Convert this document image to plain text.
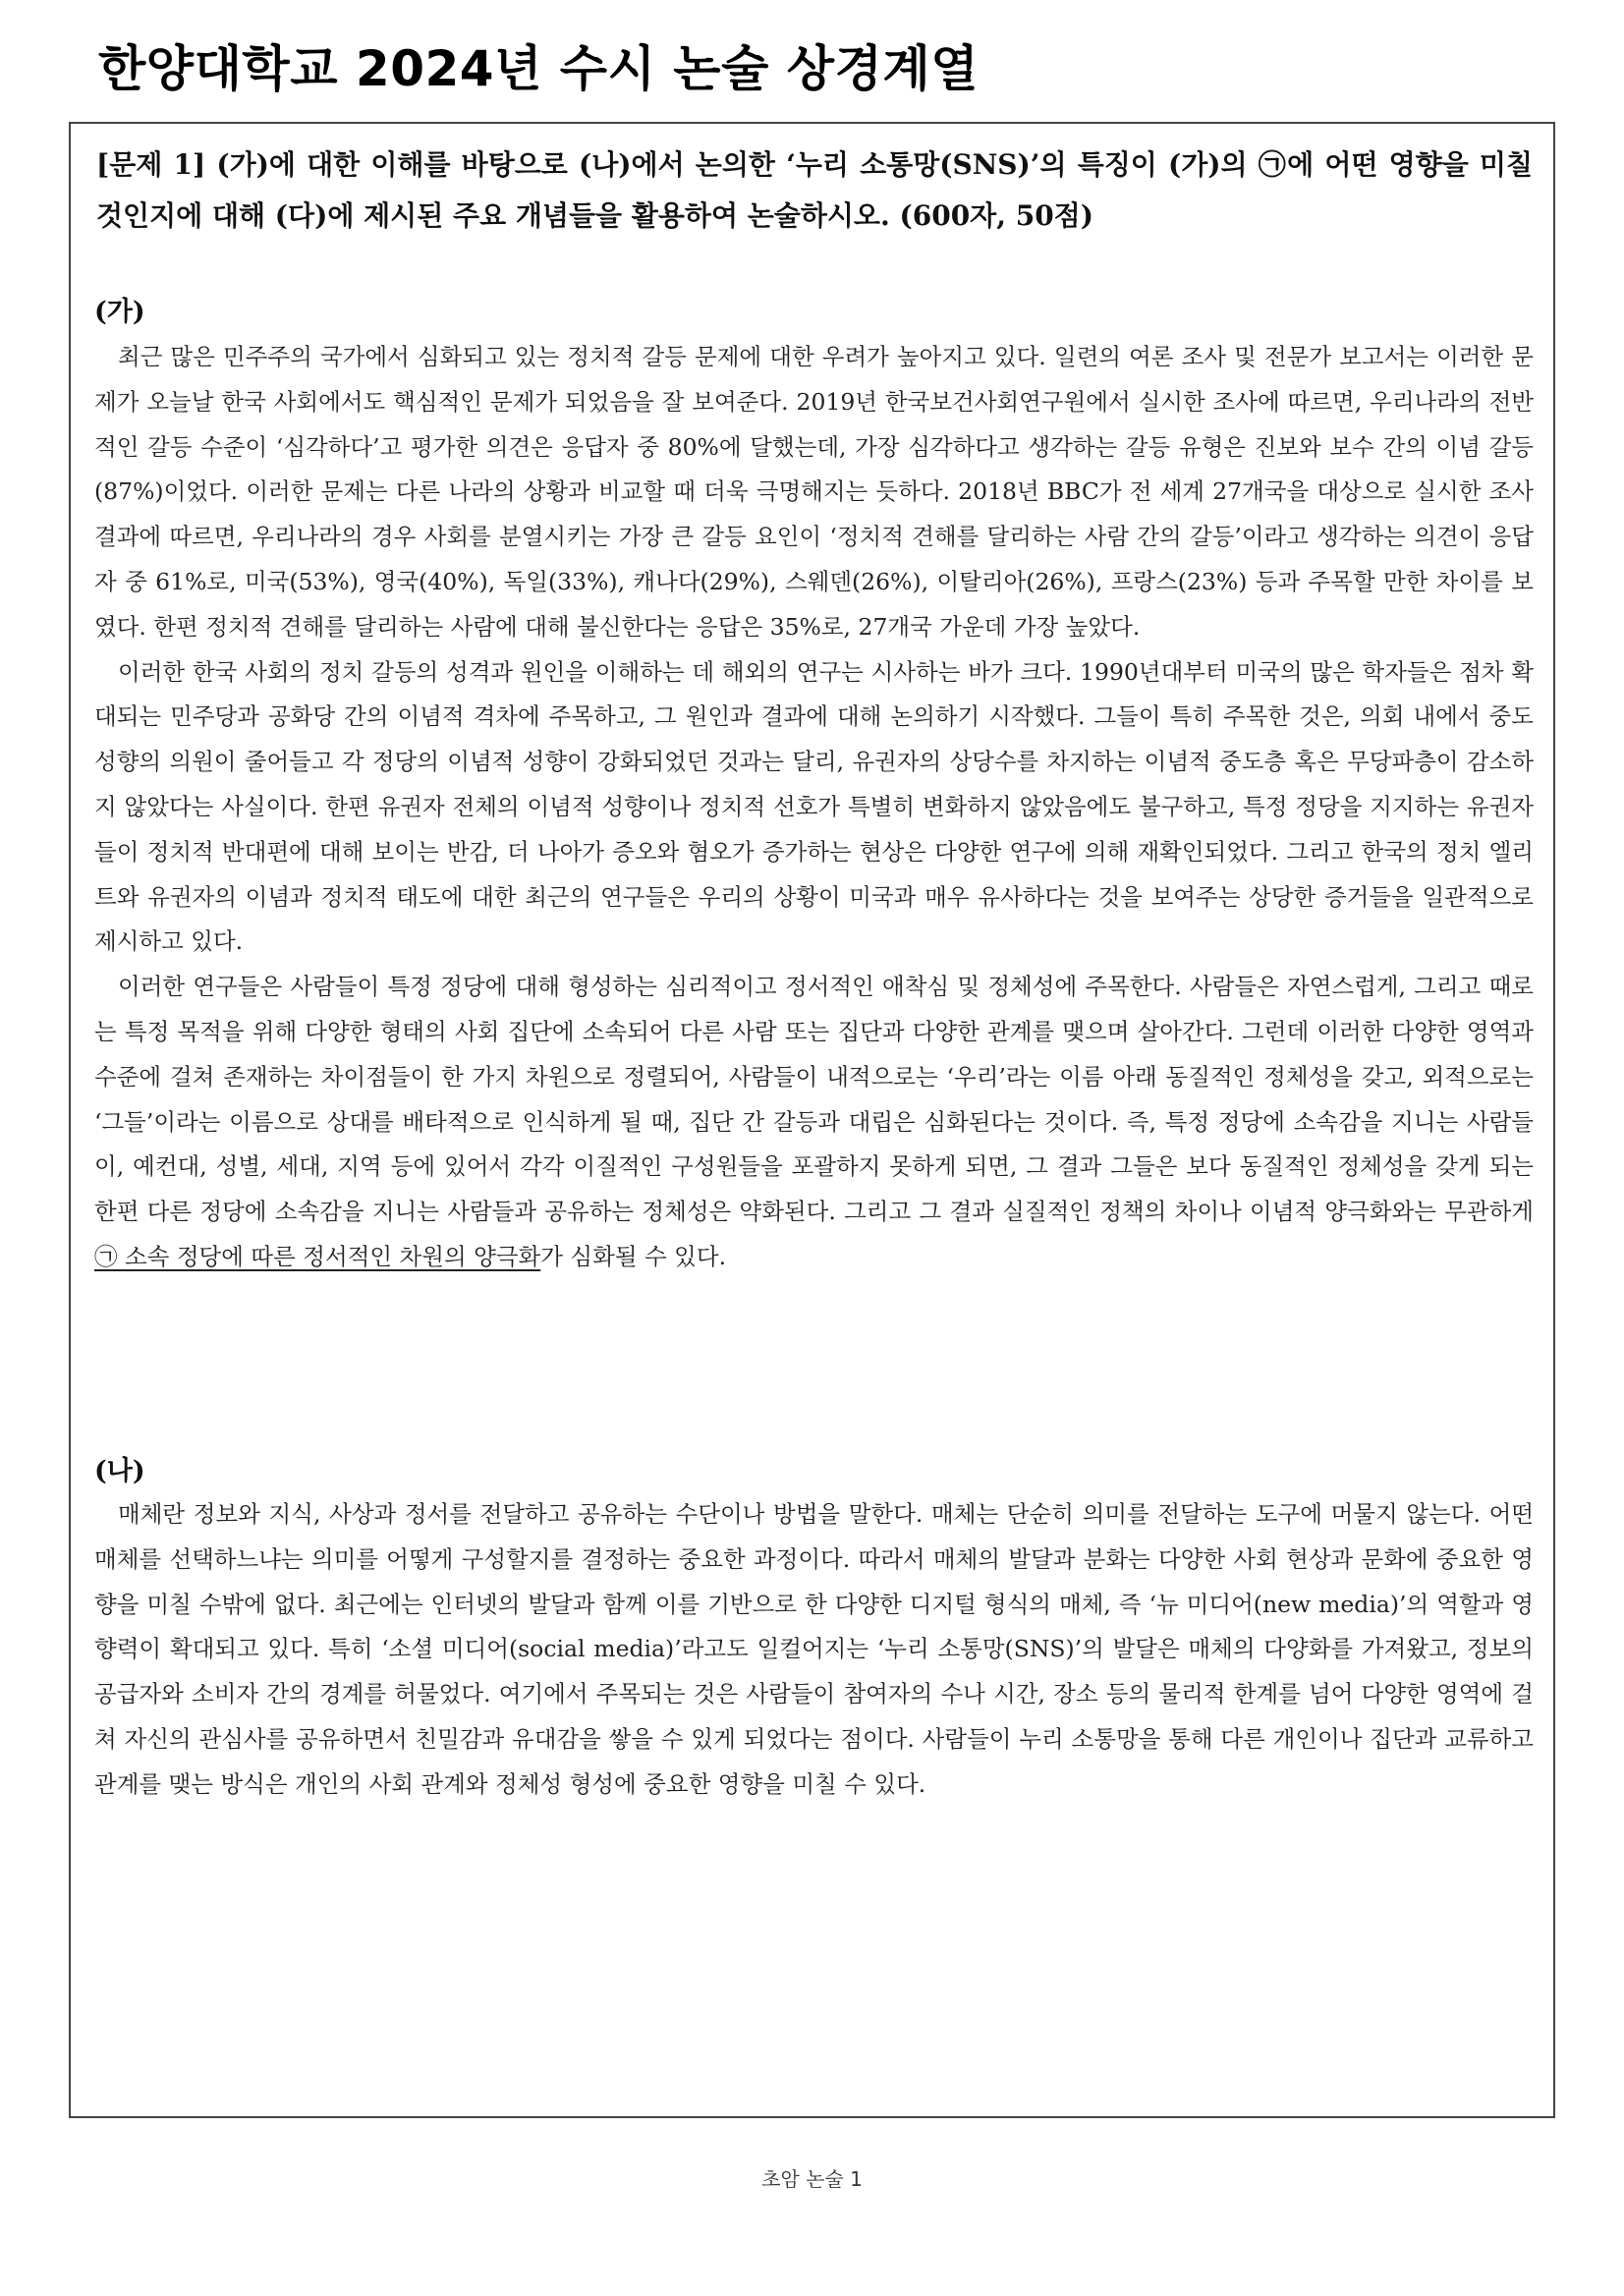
한양대학교 2024년 수시 논술 상경계열

[문제 1] (가)에 대한 이해를 바탕으로 (나)에서 논의한 ‘누리 소통망(SNS)’의 특징이 (가)의 ㉠에 어떤 영향을 미칠 것인지에 대해 (다)에 제시된 주요 개념들을 활용하여 논술하시오. (600자, 50점)

(가)

최근 많은 민주주의 국가에서 심화되고 있는 정치적 갈등 문제에 대한 우려가 높아지고 있다. 일련의 여론 조사 및 전문가 보고서는 이러한 문제가 오늘날 한국 사회에서도 핵심적인 문제가 되었음을 잘 보여준다. 2019년 한국보건사회연구원에서 실시한 조사에 따르면, 우리나라의 전반적인 갈등 수준이 ‘심각하다’고 평가한 의견은 응답자 중 80%에 달했는데, 가장 심각하다고 생각하는 갈등 유형은 진보와 보수 간의 이념 갈등(87%)이었다. 이러한 문제는 다른 나라의 상황과 비교할 때 더욱 극명해지는 듯하다. 2018년 BBC가 전 세계 27개국을 대상으로 실시한 조사 결과에 따르면, 우리나라의 경우 사회를 분열시키는 가장 큰 갈등 요인이 ‘정치적 견해를 달리하는 사람 간의 갈등’이라고 생각하는 의견이 응답자 중 61%로, 미국(53%), 영국(40%), 독일(33%), 캐나다(29%), 스웨덴(26%), 이탈리아(26%), 프랑스(23%) 등과 주목할 만한 차이를 보였다. 한편 정치적 견해를 달리하는 사람에 대해 불신한다는 응답은 35%로, 27개국 가운데 가장 높았다.

이러한 한국 사회의 정치 갈등의 성격과 원인을 이해하는 데 해외의 연구는 시사하는 바가 크다. 1990년대부터 미국의 많은 학자들은 점차 확대되는 민주당과 공화당 간의 이념적 격차에 주목하고, 그 원인과 결과에 대해 논의하기 시작했다. 그들이 특히 주목한 것은, 의회 내에서 중도 성향의 의원이 줄어들고 각 정당의 이념적 성향이 강화되었던 것과는 달리, 유권자의 상당수를 차지하는 이념적 중도층 혹은 무당파층이 감소하지 않았다는 사실이다. 한편 유권자 전체의 이념적 성향이나 정치적 선호가 특별히 변화하지 않았음에도 불구하고, 특정 정당을 지지하는 유권자들이 정치적 반대편에 대해 보이는 반감, 더 나아가 증오와 혐오가 증가하는 현상은 다양한 연구에 의해 재확인되었다. 그리고 한국의 정치 엘리트와 유권자의 이념과 정치적 태도에 대한 최근의 연구들은 우리의 상황이 미국과 매우 유사하다는 것을 보여주는 상당한 증거들을 일관적으로 제시하고 있다.

이러한 연구들은 사람들이 특정 정당에 대해 형성하는 심리적이고 정서적인 애착심 및 정체성에 주목한다. 사람들은 자연스럽게, 그리고 때로는 특정 목적을 위해 다양한 형태의 사회 집단에 소속되어 다른 사람 또는 집단과 다양한 관계를 맺으며 살아간다. 그런데 이러한 다양한 영역과 수준에 걸쳐 존재하는 차이점들이 한 가지 차원으로 정렬되어, 사람들이 내적으로는 ‘우리’라는 이름 아래 동질적인 정체성을 갖고, 외적으로는 ‘그들’이라는 이름으로 상대를 배타적으로 인식하게 될 때, 집단 간 갈등과 대립은 심화된다는 것이다. 즉, 특정 정당에 소속감을 지니는 사람들이, 예컨대, 성별, 세대, 지역 등에 있어서 각각 이질적인 구성원들을 포괄하지 못하게 되면, 그 결과 그들은 보다 동질적인 정체성을 갖게 되는 한편 다른 정당에 소속감을 지니는 사람들과 공유하는 정체성은 약화된다. 그리고 그 결과 실질적인 정책의 차이나 이념적 양극화와는 무관하게 ㉠ 소속 정당에 따른 정서적인 차원의 양극화가 심화될 수 있다.

(나)

매체란 정보와 지식, 사상과 정서를 전달하고 공유하는 수단이나 방법을 말한다. 매체는 단순히 의미를 전달하는 도구에 머물지 않는다. 어떤 매체를 선택하느냐는 의미를 어떻게 구성할지를 결정하는 중요한 과정이다. 따라서 매체의 발달과 분화는 다양한 사회 현상과 문화에 중요한 영향을 미칠 수밖에 없다. 최근에는 인터넷의 발달과 함께 이를 기반으로 한 다양한 디지털 형식의 매체, 즉 ‘뉴 미디어(new media)’의 역할과 영향력이 확대되고 있다. 특히 ‘소셜 미디어(social media)’라고도 일컬어지는 ‘누리 소통망(SNS)’의 발달은 매체의 다양화를 가져왔고, 정보의 공급자와 소비자 간의 경계를 허물었다. 여기에서 주목되는 것은 사람들이 참여자의 수나 시간, 장소 등의 물리적 한계를 넘어 다양한 영역에 걸쳐 자신의 관심사를 공유하면서 친밀감과 유대감을 쌓을 수 있게 되었다는 점이다. 사람들이 누리 소통망을 통해 다른 개인이나 집단과 교류하고 관계를 맺는 방식은 개인의 사회 관계와 정체성 형성에 중요한 영향을 미칠 수 있다.

초암 논술 1
